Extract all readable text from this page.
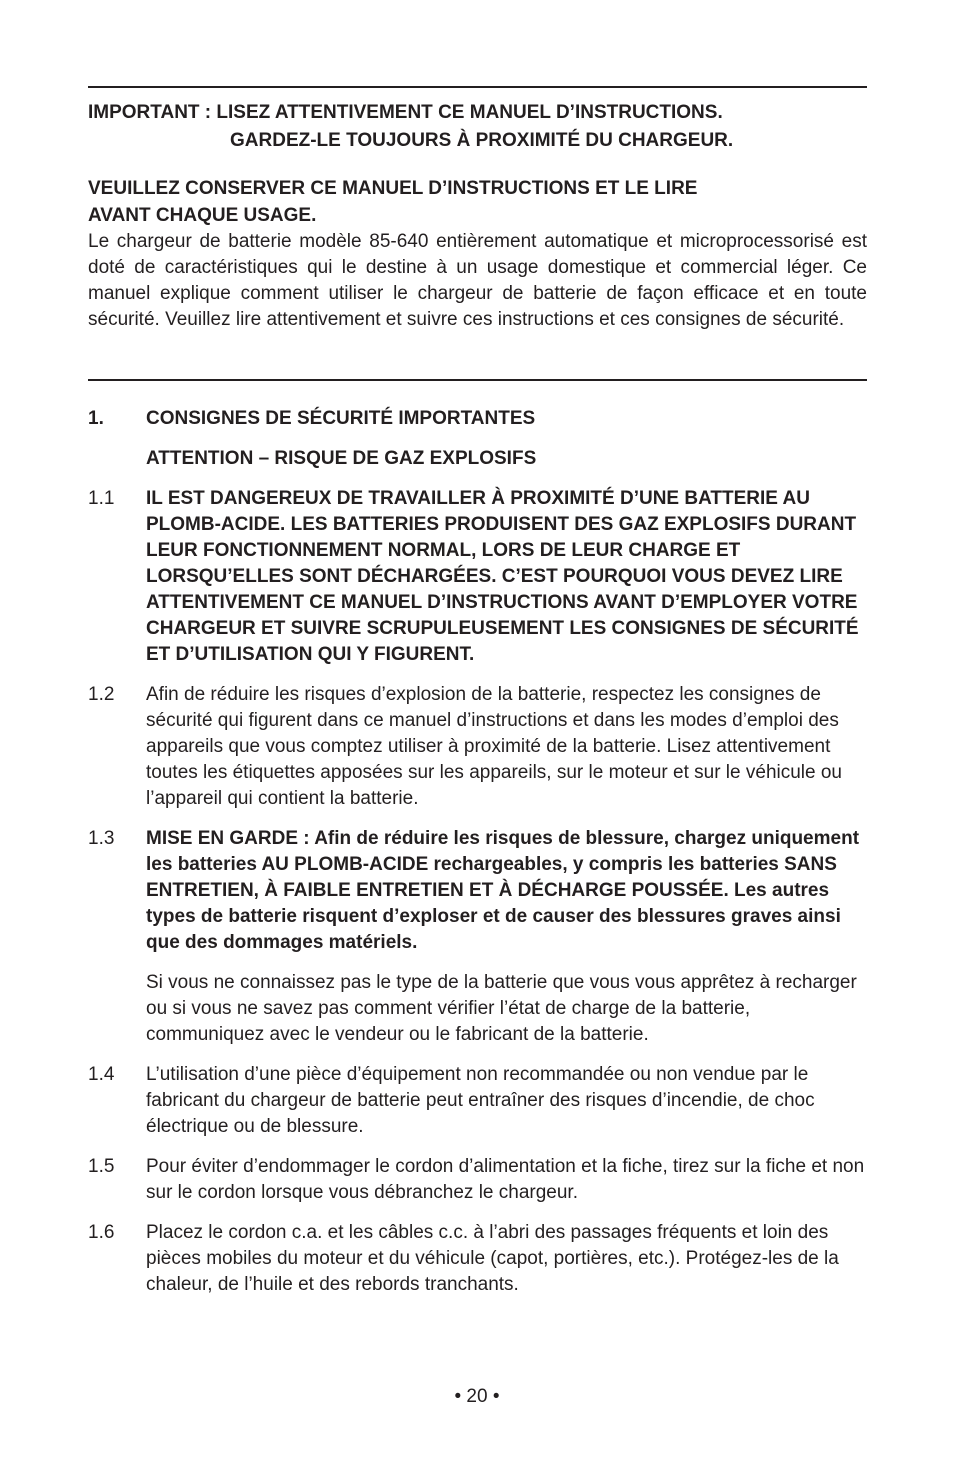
IMPORTANT : LISEZ ATTENTIVEMENT CE MANUEL D’INSTRUCTIONS.
GARDEZ-LE TOUJOURS À PROXIMITÉ DU CHARGEUR.
VEUILLEZ CONSERVER CE MANUEL D’INSTRUCTIONS ET LE LIRE
AVANT CHAQUE USAGE.
Le chargeur de batterie modèle 85-640 entièrement automatique et microprocessorisé est doté de caractéristiques qui le destine à un usage domestique et commercial léger. Ce manuel explique comment utiliser le chargeur de batterie de façon efficace et en toute sécurité. Veuillez lire attentivement et suivre ces instructions et ces consignes de sécurité.
1.	CONSIGNES DE SÉCURITÉ IMPORTANTES
ATTENTION – RISQUE DE GAZ EXPLOSIFS
1.1	IL EST DANGEREUX DE TRAVAILLER À PROXIMITÉ D’UNE BATTERIE AU PLOMB-ACIDE. LES BATTERIES PRODUISENT DES GAZ EXPLOSIFS DURANT LEUR FONCTIONNEMENT NORMAL, LORS DE LEUR CHARGE ET LORSQU’ELLES SONT DÉCHARGÉES. C’EST POURQUOI VOUS DEVEZ LIRE ATTENTIVEMENT CE MANUEL D’INSTRUCTIONS AVANT D’EMPLOYER VOTRE CHARGEUR ET SUIVRE SCRUPULEUSEMENT LES CONSIGNES DE SÉCURITÉ ET D’UTILISATION QUI Y FIGURENT.
1.2	Afin de réduire les risques d’explosion de la batterie, respectez les consignes de sécurité qui figurent dans ce manuel d’instructions et dans les modes d’emploi des appareils que vous comptez utiliser à proximité de la batterie. Lisez attentivement toutes les étiquettes apposées sur les appareils, sur le moteur et sur le véhicule ou l’appareil qui contient la batterie.
1.3	MISE EN GARDE : Afin de réduire les risques de blessure, chargez uniquement les batteries AU PLOMB-ACIDE rechargeables, y compris les batteries SANS ENTRETIEN, À FAIBLE ENTRETIEN ET À DÉCHARGE POUSSÉE. Les autres types de batterie risquent d’exploser et de causer des blessures graves ainsi que des dommages matériels.
Si vous ne connaissez pas le type de la batterie que vous vous apprêtez à recharger ou si vous ne savez pas comment vérifier l’état de charge de la batterie, communiquez avec le vendeur ou le fabricant de la batterie.
1.4	L’utilisation d’une pièce d’équipement non recommandée ou non vendue par le fabricant du chargeur de batterie peut entraîner des risques d’incendie, de choc électrique ou de blessure.
1.5	Pour éviter d’endommager le cordon d’alimentation et la fiche, tirez sur la fiche et non sur le cordon lorsque vous débranchez le chargeur.
1.6	Placez le cordon c.a. et les câbles c.c. à l’abri des passages fréquents et loin des pièces mobiles du moteur et du véhicule (capot, portières, etc.). Protégez-les de la chaleur, de l’huile et des rebords tranchants.
• 20 •
